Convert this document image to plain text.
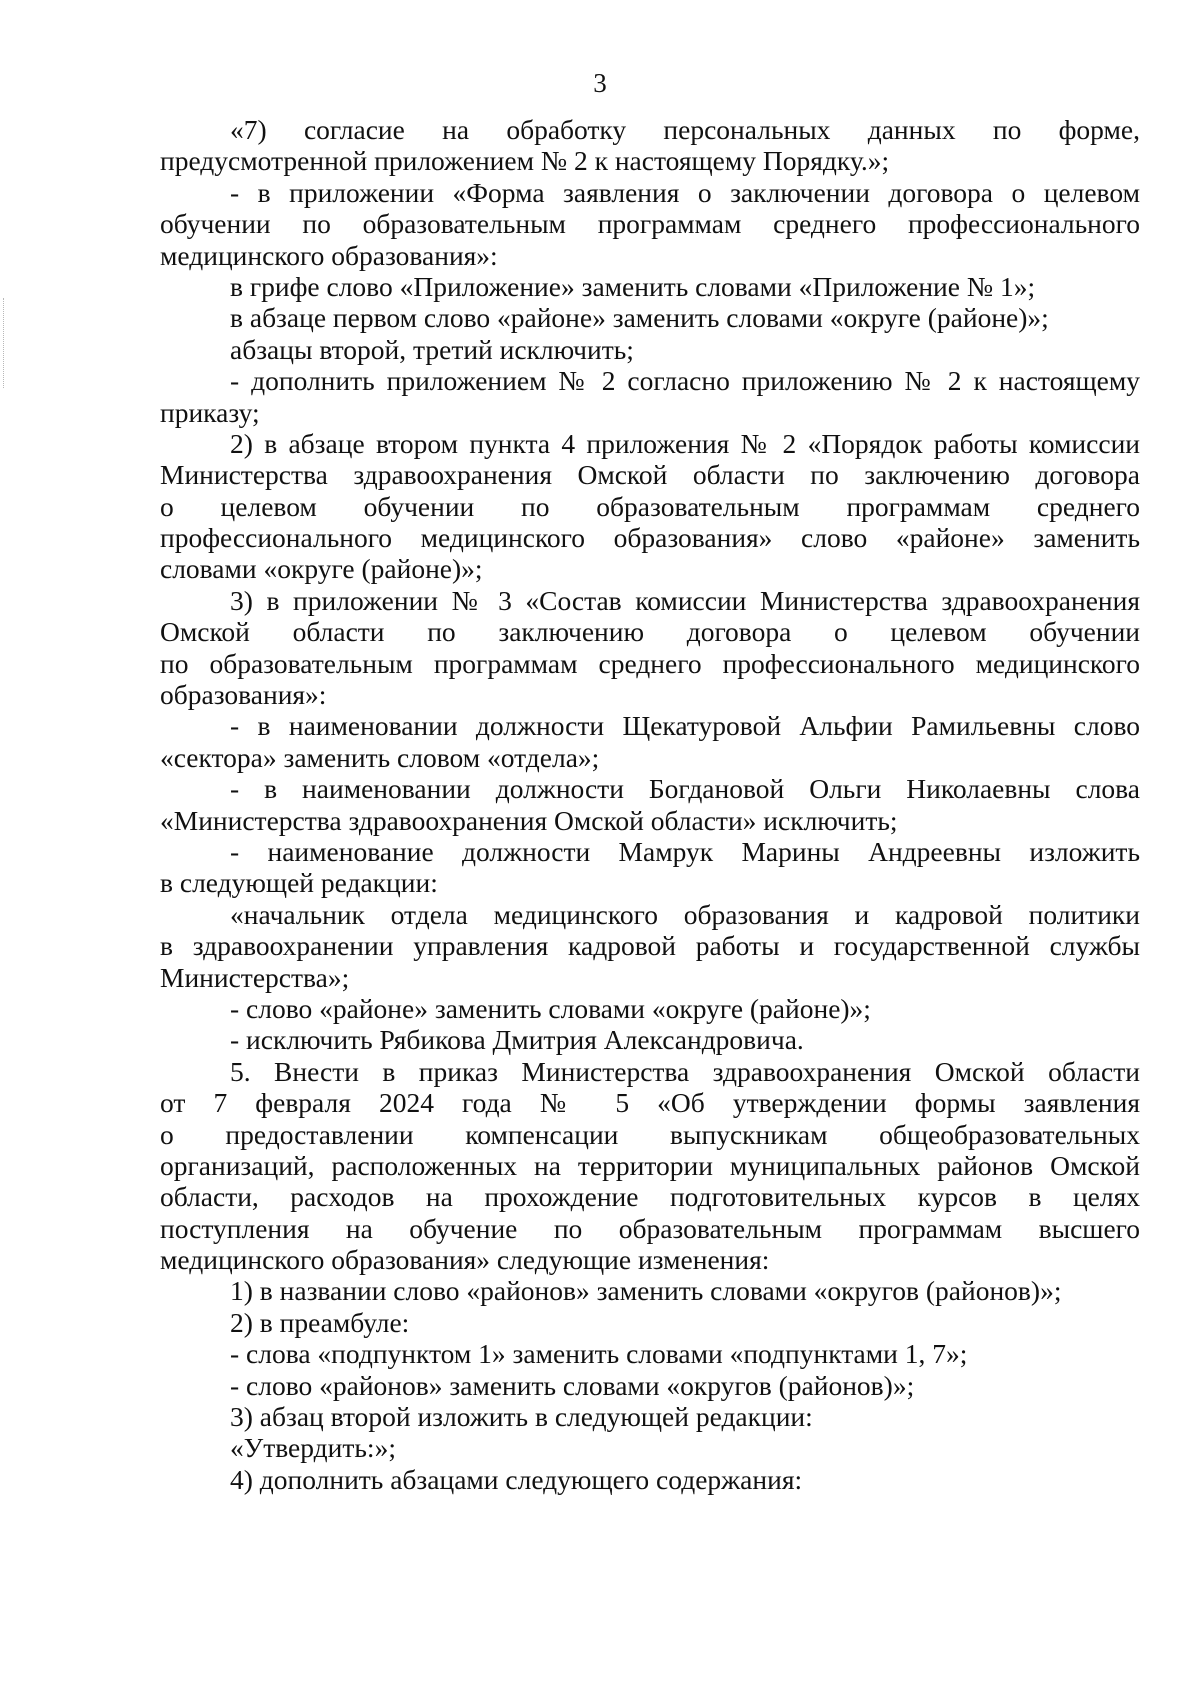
3
«7) согласие на обработку персональных данных по форме,
предусмотренной приложением № 2 к настоящему Порядку.»;
- в приложении «Форма заявления о заключении договора о целевом
обучении по образовательным программам среднего профессионального
медицинского образования»:
в грифе слово «Приложение» заменить словами «Приложение № 1»;
в абзаце первом слово «районе» заменить словами «округе (районе)»;
абзацы второй, третий исключить;
- дополнить приложением № 2 согласно приложению № 2 к настоящему
приказу;
2) в абзаце втором пункта 4 приложения № 2 «Порядок работы комиссии
Министерства здравоохранения Омской области по заключению договора
о целевом обучении по образовательным программам среднего
профессионального медицинского образования» слово «районе» заменить
словами «округе (районе)»;
3) в приложении № 3 «Состав комиссии Министерства здравоохранения
Омской области по заключению договора о целевом обучении
по образовательным программам среднего профессионального медицинского
образования»:
- в наименовании должности Щекатуровой Альфии Рамильевны слово
«сектора» заменить словом «отдела»;
- в наименовании должности Богдановой Ольги Николаевны слова
«Министерства здравоохранения Омской области» исключить;
- наименование должности Мамрук Марины Андреевны изложить
в следующей редакции:
«начальник отдела медицинского образования и кадровой политики
в здравоохранении управления кадровой работы и государственной службы
Министерства»;
- слово «районе» заменить словами «округе (районе)»;
- исключить Рябикова Дмитрия Александровича.
5. Внести в приказ Министерства здравоохранения Омской области
от 7 февраля 2024 года № 5 «Об утверждении формы заявления
о предоставлении компенсации выпускникам общеобразовательных
организаций, расположенных на территории муниципальных районов Омской
области, расходов на прохождение подготовительных курсов в целях
поступления на обучение по образовательным программам высшего
медицинского образования» следующие изменения:
1) в названии слово «районов» заменить словами «округов (районов)»;
2) в преамбуле:
- слова «подпунктом 1» заменить словами «подпунктами 1, 7»;
- слово «районов» заменить словами «округов (районов)»;
3) абзац второй изложить в следующей редакции:
«Утвердить:»;
4) дополнить абзацами следующего содержания:
